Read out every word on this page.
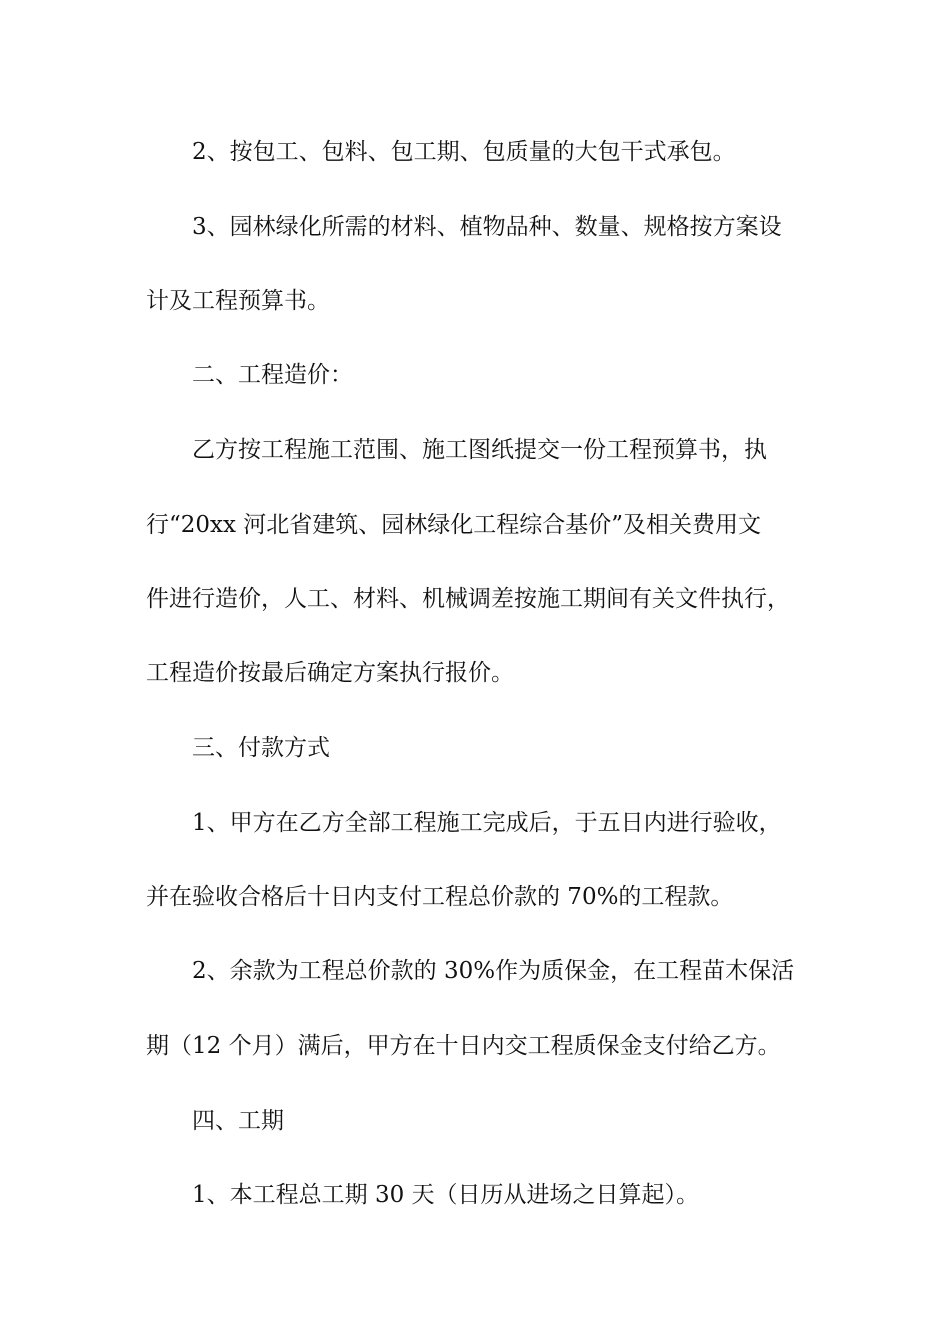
2、按包工、包料、包工期、包质量的大包干式承包。
3、园林绿化所需的材料、植物品种、数量、规格按方案设
计及工程预算书。
二、工程造价：
乙方按工程施工范围、施工图纸提交一份工程预算书，执
行“20xx 河北省建筑、园林绿化工程综合基价”及相关费用文
件进行造价，人工、材料、机械调差按施工期间有关文件执行，
工程造价按最后确定方案执行报价。
三、付款方式
1、甲方在乙方全部工程施工完成后，于五日内进行验收，
并在验收合格后十日内支付工程总价款的 70%的工程款。
2、余款为工程总价款的 30%作为质保金，在工程苗木保活
期（12 个月）满后，甲方在十日内交工程质保金支付给乙方。
四、工期
1、本工程总工期 30 天（日历从进场之日算起）。
